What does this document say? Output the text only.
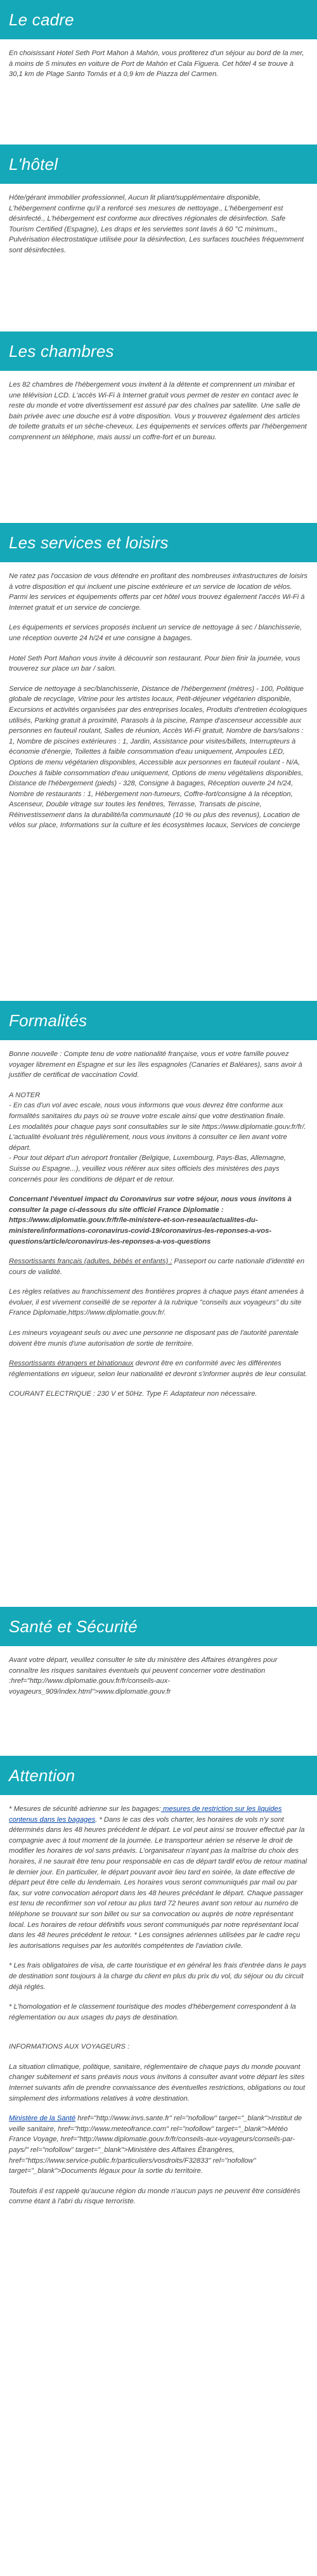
Le cadre

En choisissant Hotel Seth Port Mahon à Mahón, vous profiterez d'un séjour au bord de la mer, à moins de 5 minutes en voiture de Port de Mahón et Cala Figuera. Cet hôtel 4 se trouve à 30,1 km de Plage Santo Tomás et à 0,9 km de Piazza del Carmen.

L'hôtel

Hôte/gérant immobilier professionnel, Aucun lit pliant/supplémentaire disponible, L'hébergement confirme qu'il a renforcé ses mesures de nettoyage., L'hébergement est désinfecté., L'hébergement est conforme aux directives régionales de désinfection. Safe Tourism Certified (Espagne), Les draps et les serviettes sont lavés à 60 °C minimum., Pulvérisation électrostatique utilisée pour la désinfection, Les surfaces touchées fréquemment sont désinfectées.

Les chambres

Les 82 chambres de l'hébergement vous invitent à la détente et comprennent un minibar et une télévision LCD. L'accès Wi-Fi à Internet gratuit vous permet de rester en contact avec le reste du monde et votre divertissement est assuré par des chaînes par satellite. Une salle de bain privée avec une douche est à votre disposition. Vous y trouverez également des articles de toilette gratuits et un sèche-cheveux. Les équipements et services offerts par l'hébergement comprennent un téléphone, mais aussi un coffre-fort et un bureau.

Les services et loisirs

Ne ratez pas l'occasion de vous détendre en profitant des nombreuses infrastructures de loisirs à votre disposition et qui incluent une piscine extérieure et un service de location de vélos. Parmi les services et équipements offerts par cet hôtel vous trouvez également l'accès Wi-Fi à Internet gratuit et un service de concierge.

Les équipements et services proposés incluent un service de nettoyage à sec / blanchisserie, une réception ouverte 24 h/24 et une consigne à bagages.

Hotel Seth Port Mahon vous invite à découvrir son restaurant. Pour bien finir la journée, vous trouverez sur place un bar / salon.

Service de nettoyage à sec/blanchisserie, Distance de l'hébergement (mètres) - 100, Politique globale de recyclage, Vitrine pour les artistes locaux, Petit-déjeuner végétarien disponible, Excursions et activités organisées par des entreprises locales, Produits d'entretien écologiques utilisés, Parking gratuit à proximité, Parasols à la piscine, Rampe d'ascenseur accessible aux personnes en fauteuil roulant, Salles de réunion, Accès Wi-Fi gratuit, Nombre de bars/salons : 1, Nombre de piscines extérieures : 1, Jardin, Assistance pour visites/billets, Interrupteurs à économie d'énergie, Toilettes à faible consommation d'eau uniquement, Ampoules LED, Options de menu végétarien disponibles, Accessible aux personnes en fauteuil roulant - N/A, Douches à faible consommation d'eau uniquement, Options de menu végétaliens disponibles, Distance de l'hébergement (pieds) - 328, Consigne à bagages, Réception ouverte 24 h/24, Nombre de restaurants : 1, Hébergement non-fumeurs, Coffre-fort/consigne à la réception, Ascenseur, Double vitrage sur toutes les fenêtres, Terrasse, Transats de piscine, Réinvestissement dans la durabilité/la communauté (10 % ou plus des revenus), Location de vélos sur place, Informations sur la culture et les écosystèmes locaux, Services de concierge

Formalités

Bonne nouvelle : Compte tenu de votre nationalité française, vous et votre famille pouvez voyager librement en Espagne et sur les îles espagnoles (Canaries et Baléares), sans avoir à justifier de certificat de vaccination Covid.

A NOTER
- En cas d'un vol avec escale, nous vous informons que vous devrez être conforme aux formalités sanitaires du pays où se trouve votre escale ainsi que votre destination finale.
Les modalités pour chaque pays sont consultables sur le site https://www.diplomatie.gouv.fr/fr/. L'actualité évoluant très régulièrement, nous vous invitons à consulter ce lien avant votre départ.
- Pour tout départ d'un aéroport frontalier (Belgique, Luxembourg, Pays-Bas, Allemagne, Suisse ou Espagne...), veuillez vous référer aux sites officiels des ministères des pays concernés pour les conditions de départ et de retour.

Concernant l'éventuel impact du Coronavirus sur votre séjour, nous vous invitons à consulter la page ci-dessous du site officiel France Diplomatie : https://www.diplomatie.gouv.fr/fr/le-ministere-et-son-reseau/actualites-du-ministere/informations-coronavirus-covid-19/coronavirus-les-reponses-a-vos-questions/article/coronavirus-les-reponses-a-vos-questions

Ressortissants français (adultes, bébés et enfants) : Passeport ou carte nationale d'identité en cours de validité.

Les règles relatives au franchissement des frontières propres à chaque pays étant amenées à évoluer, il est vivement conseillé de se reporter à la rubrique "conseils aux voyageurs" du site France Diplomatie,https://www.diplomatie.gouv.fr/.

Les mineurs voyageant seuls ou avec une personne ne disposant pas de l'autorité parentale doivent être munis d'une autorisation de sortie de territoire.

Ressortissants étrangers et binationaux devront être en conformité avec les différentes réglementations en vigueur, selon leur nationalité et devront s'informer auprès de leur consulat.

COURANT ELECTRIQUE : 230 V et 50Hz. Type F. Adaptateur non nécessaire.

Santé et Sécurité

Avant votre départ, veuillez consulter le site du ministère des Affaires étrangères pour connaître les risques sanitaires éventuels qui peuvent concerner votre destination :href="http://www.diplomatie.gouv.fr/fr/conseils-aux-voyageurs_909/index.html">www.diplomatie.gouv.fr

Attention

* Mesures de sécurité adrienne sur les bagages: mesures de restriction sur les liquides contenus dans les bagages. * Dans le cas des vols charter, les horaires de vols n'y sont déterminés dans les 48 heures précédent le départ. Le vol peut ainsi se trouver effectué par la compagnie avec à tout moment de la journée. Le transporteur aérien se réserve le droit de modifier les horaires de vol sans préavis. L'organisateur n'ayant pas la maîtrise du choix des horaires, il ne saurait être tenu pour responsable en cas de départ tardif et/ou de retour matinal le dernier jour. En particulier, le départ pouvant avoir lieu tard en soirée, la date effective de départ peut être celle du lendemain. Les horaires vous seront communiqués par mail ou par fax, sur votre convocation aéroport dans les 48 heures précédant le départ. Chaque passager est tenu de reconfirmer son vol retour au plus tard 72 heures avant son retour au numéro de téléphone se trouvant sur son billet ou sur sa convocation ou auprès de notre représentant local. Les horaires de retour définitifs vous seront communiqués par notre représentant local dans les 48 heures précédent le retour. * Les consignes aériennes utilisées par le cadre reçu les autorisations requises par les autorités compétentes de l'aviation civile.

* Les frais obligatoires de visa, de carte touristique et en général les frais d'entrée dans le pays de destination sont toujours à la charge du client en plus du prix du vol, du séjour ou du circuit déjà réglés.

* L'homologation et le classement touristique des modes d'hébergement correspondent à la réglementation ou aux usages du pays de destination.

INFORMATIONS AUX VOYAGEURS :

La situation climatique, politique, sanitaire, réglementaire de chaque pays du monde pouvant changer subitement et sans préavis nous vous invitons à consulter avant votre départ les sites Internet suivants afin de prendre connaissance des éventuelles restrictions, obligations ou tout simplement des informations relatives à votre destination.

Ministère de la Santé href="http://www.invs.sante.fr" rel="nofollow" target="_blank">Institut de veille sanitaire, href="http://www.meteofrance.com" rel="nofollow" target="_blank">Météo France Voyage, href="http://www.diplomatie.gouv.fr/fr/conseils-aux-voyageurs/conseils-par-pays/" rel="nofollow" target="_blank">Ministère des Affaires Étrangères, href="https://www.service-public.fr/particuliers/vosdroits/F32833" rel="nofollow" target="_blank">Documents légaux pour la sortie du territoire.

Toutefois il est rappelé qu'aucune région du monde n'aucun pays ne peuvent être considérés comme étant à l'abri du risque terroriste.
